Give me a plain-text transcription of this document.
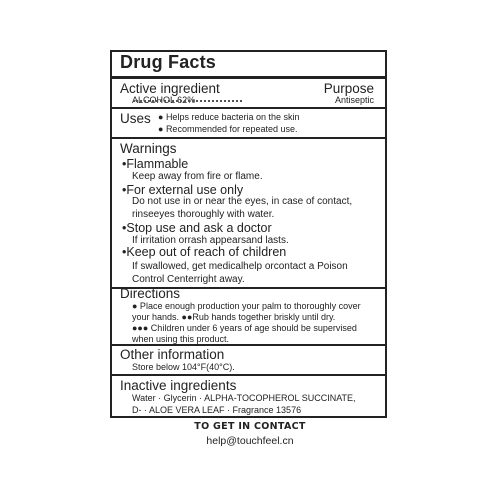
Drug Facts
Active ingredient	Purpose
ALCOHOL 62%	Antiseptic
Uses ● Helps reduce bacteria on the skin
● Recommended for repeated use.
Warnings
•Flammable
Keep away from fire or flame.
•For external use only
Do not use in or near the eyes, in case of contact,
rinseeyes thoroughly with water.
•Stop use and ask a doctor
If irritation orrash appearsand lasts.
•Keep out of reach of children
If swallowed, get medicalhelp orcontact a Poison
Control Centerright away.
Directions
● Place enough production your palm to thoroughly cover
your hands. ●●Rub hands together briskly until dry.
●●● Children under 6 years of age should be supervised
when using this product.
Other information
Store below 104°F(40°C).
Inactive ingredients
Water · Glycerin · ALPHA-TOCOPHEROL SUCCINATE,
D- · ALOE VERA LEAF · Fragrance 13576
TO GET IN CONTACT
help@touchfeel.cn
